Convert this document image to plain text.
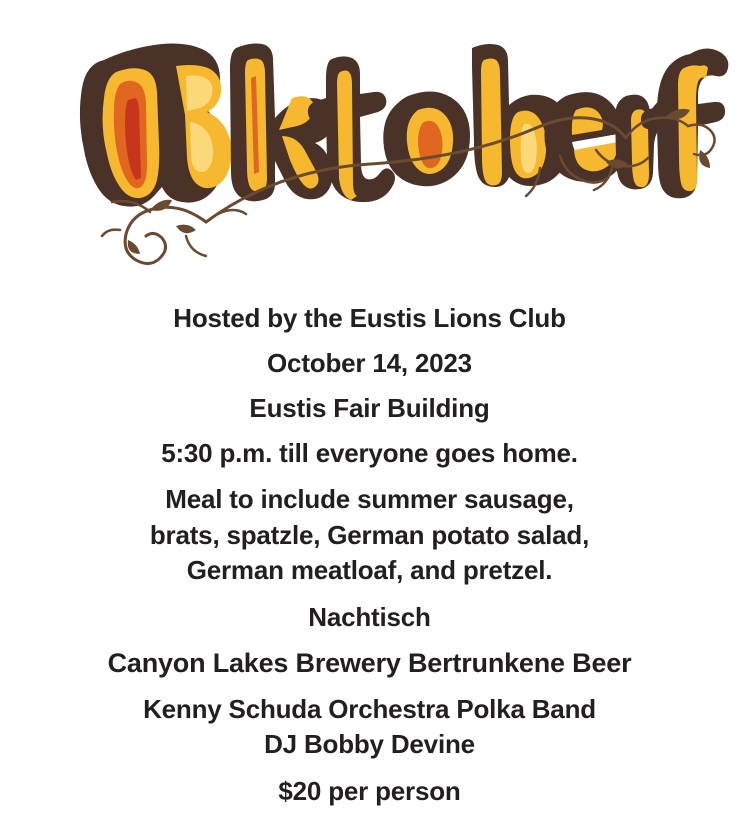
Hosted by the Eustis Lions Club
October 14, 2023
Eustis Fair Building
5:30 p.m. till everyone goes home.
Meal to include summer sausage, brats, spatzle, German potato salad, German meatloaf, and pretzel.
Nachtisch
Canyon Lakes Brewery Bertrunkene Beer
Kenny Schuda Orchestra Polka Band
DJ Bobby Devine
$20 per person
